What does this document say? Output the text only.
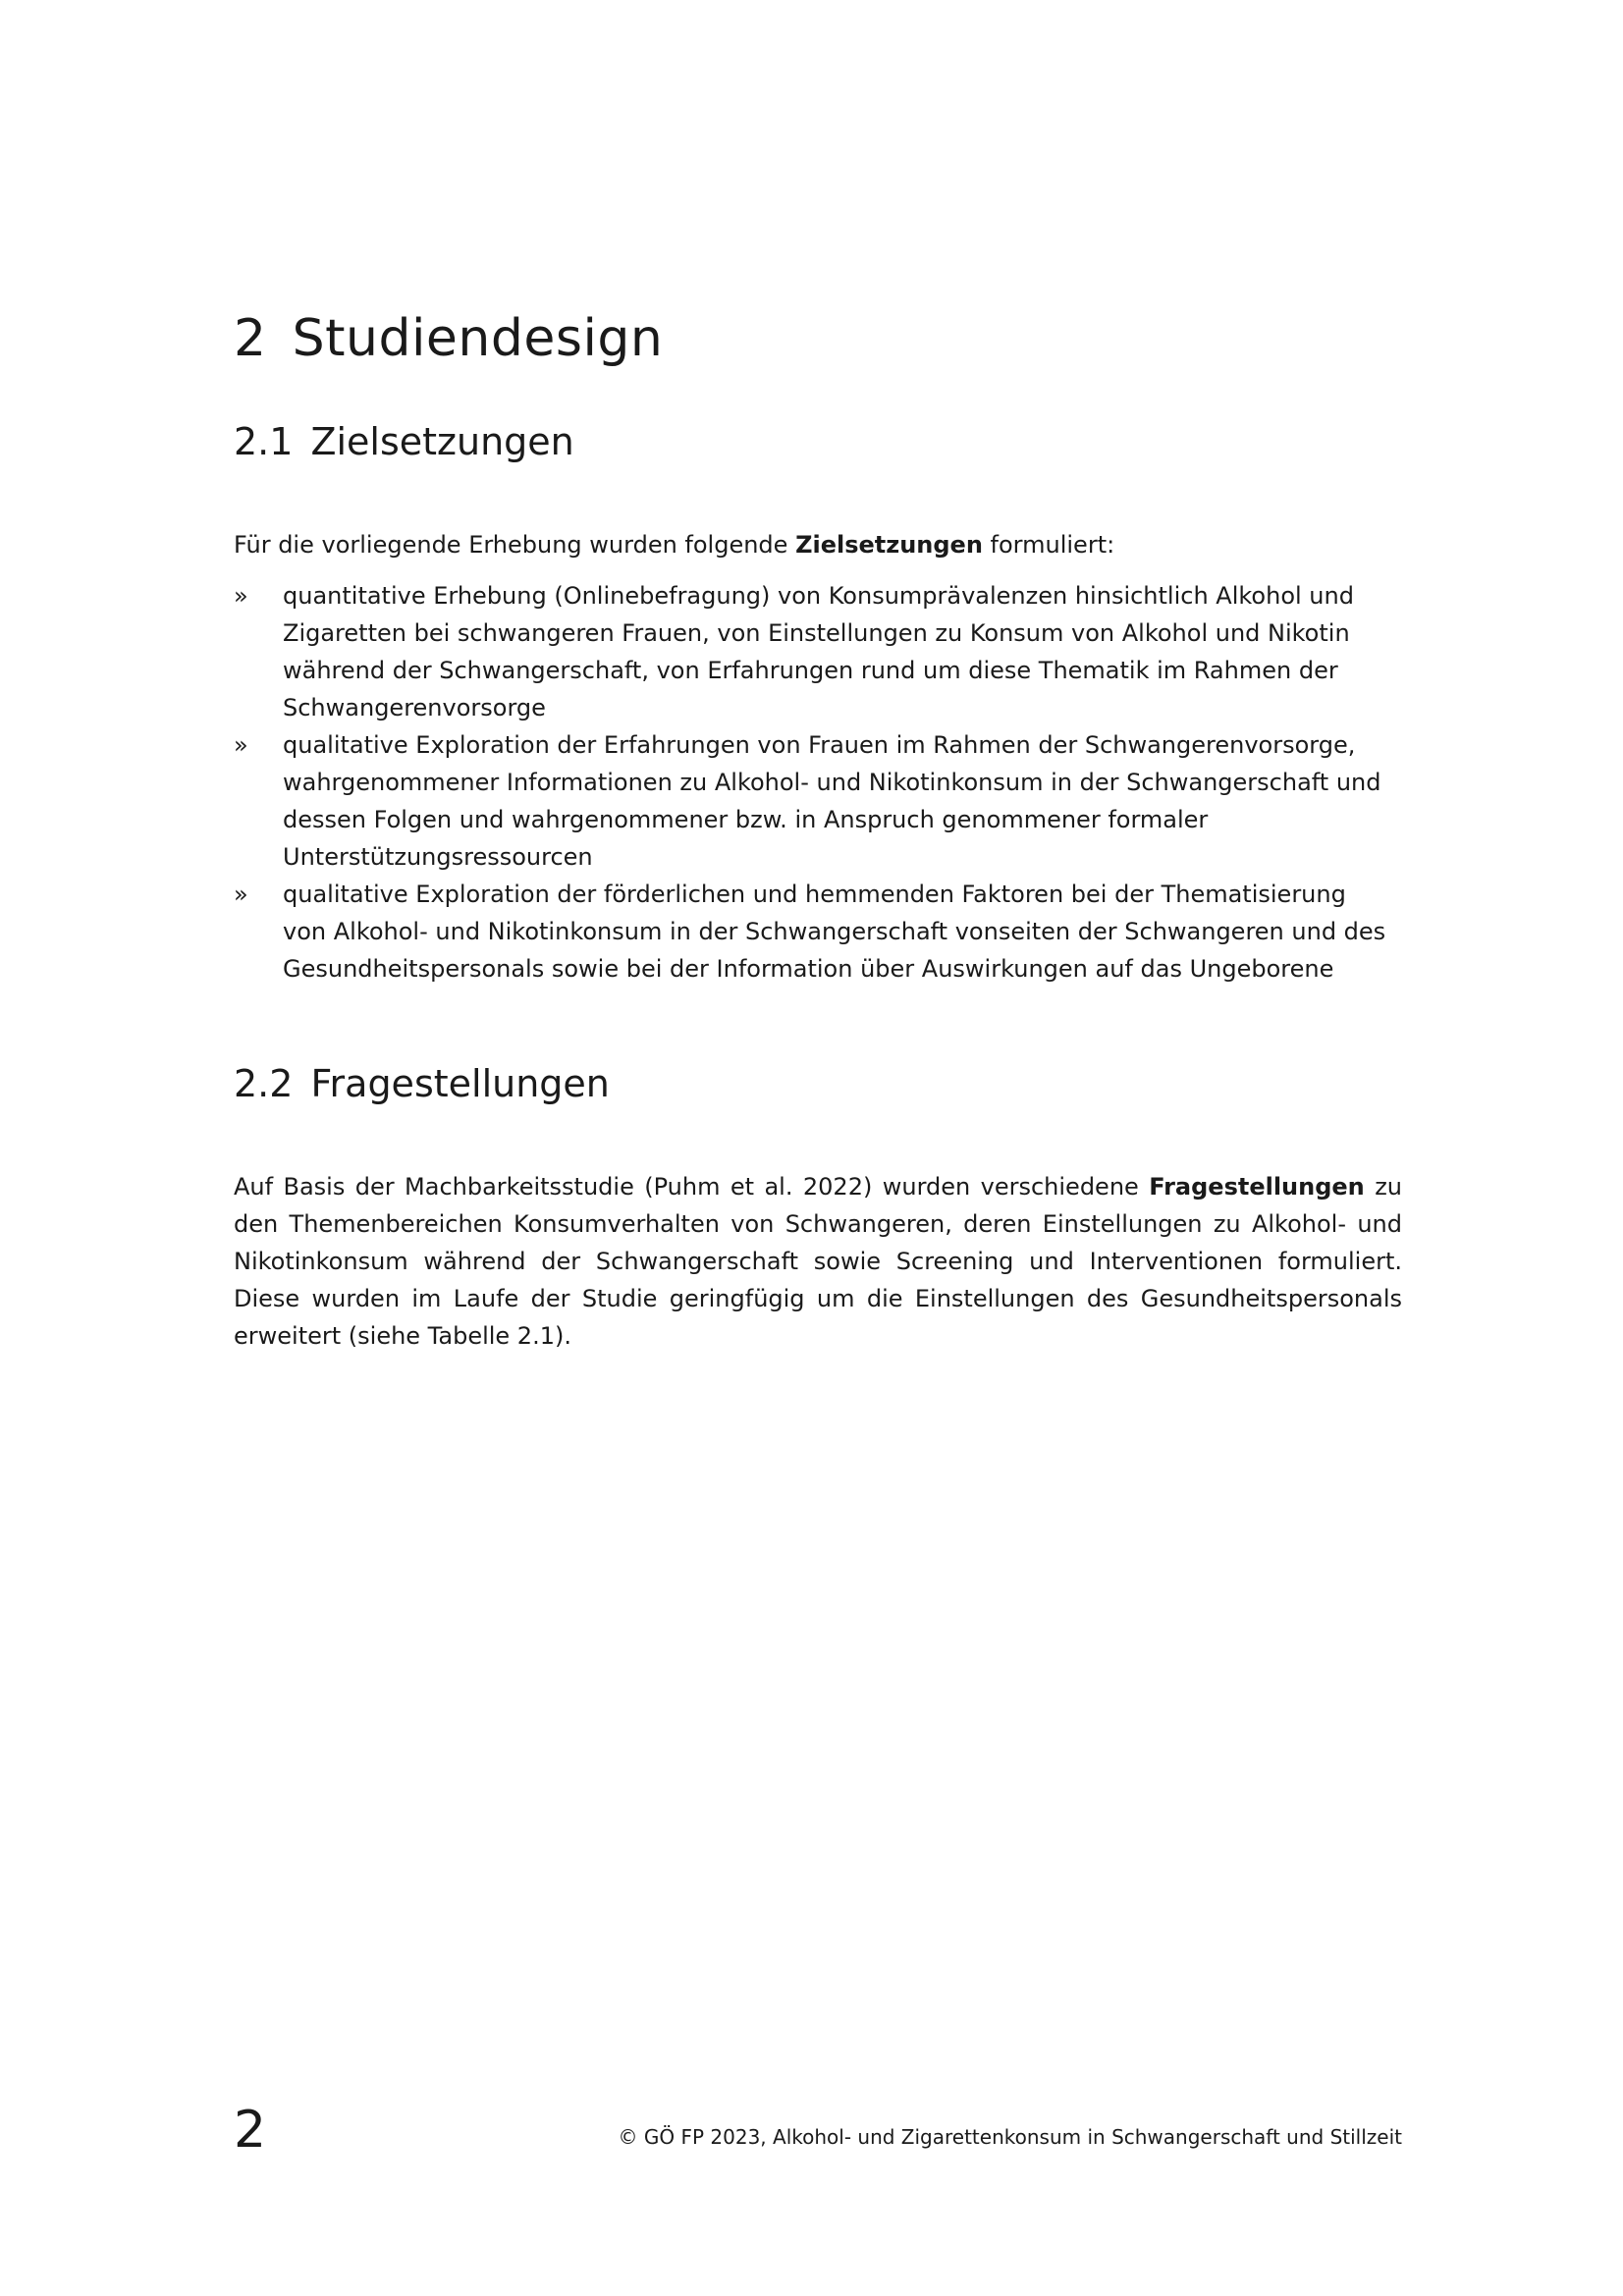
2 Studiendesign
2.1 Zielsetzungen

Für die vorliegende Erhebung wurden folgende Zielsetzungen formuliert:

» quantitative Erhebung (Onlinebefragung) von Konsumprävalenzen hinsichtlich Alkohol und Zigaretten bei schwangeren Frauen, von Einstellungen zu Konsum von Alkohol und Nikotin während der Schwangerschaft, von Erfahrungen rund um diese Thematik im Rahmen der Schwangerenvorsorge
» qualitative Exploration der Erfahrungen von Frauen im Rahmen der Schwangerenvorsorge, wahrgenommener Informationen zu Alkohol- und Nikotinkonsum in der Schwangerschaft und dessen Folgen und wahrgenommener bzw. in Anspruch genommener formaler Unterstützungsressourcen
» qualitative Exploration der förderlichen und hemmenden Faktoren bei der Thematisierung von Alkohol- und Nikotinkonsum in der Schwangerschaft vonseiten der Schwangeren und des Gesundheitspersonals sowie bei der Information über Auswirkungen auf das Ungeborene
2.2 Fragestellungen

Auf Basis der Machbarkeitsstudie (Puhm et al. 2022) wurden verschiedene Fragestellungen zu den Themenbereichen Konsumverhalten von Schwangeren, deren Einstellungen zu Alkohol- und Nikotinkonsum während der Schwangerschaft sowie Screening und Interventionen formuliert. Diese wurden im Laufe der Studie geringfügig um die Einstellungen des Gesundheitspersonals erweitert (siehe Tabelle 2.1).

2	© GÖ FP 2023, Alkohol- und Zigarettenkonsum in Schwangerschaft und Stillzeit
